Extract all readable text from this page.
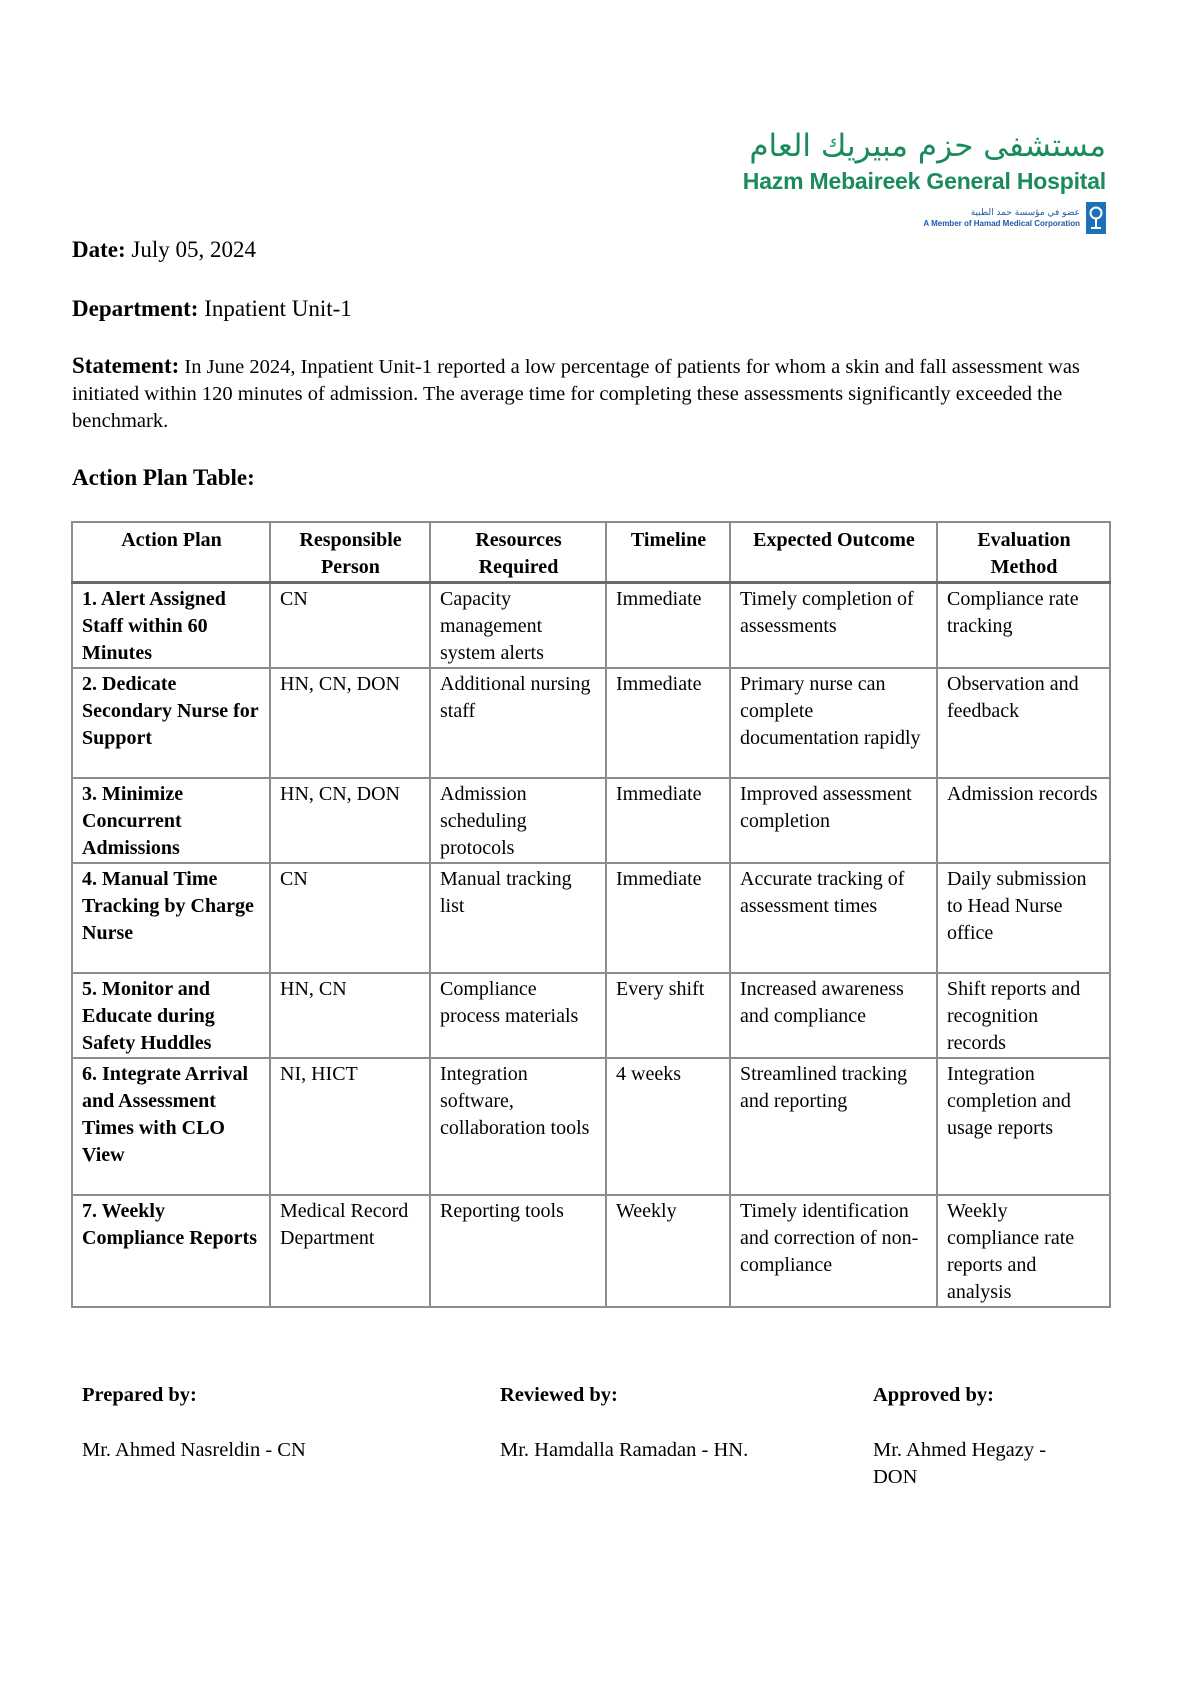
مستشفى حزم مبيريك العام
Hazm Mebaireek General Hospital
عضو في مؤسسة حمد الطبية
A Member of Hamad Medical Corporation
Date: July 05, 2024
Department: Inpatient Unit-1
Statement: In June 2024, Inpatient Unit-1 reported a low percentage of patients for whom a skin and fall assessment was initiated within 120 minutes of admission. The average time for completing these assessments significantly exceeded the benchmark.
Action Plan Table:
Action Plan	Responsible Person	Resources Required	Timeline	Expected Outcome	Evaluation Method
1. Alert Assigned Staff within 60 Minutes	CN	Capacity management system alerts	Immediate	Timely completion of assessments	Compliance rate tracking
2. Dedicate Secondary Nurse for Support	HN, CN, DON	Additional nursing staff	Immediate	Primary nurse can complete documentation rapidly	Observation and feedback
3. Minimize Concurrent Admissions	HN, CN, DON	Admission scheduling protocols	Immediate	Improved assessment completion	Admission records
4. Manual Time Tracking by Charge Nurse	CN	Manual tracking list	Immediate	Accurate tracking of assessment times	Daily submission to Head Nurse office
5. Monitor and Educate during Safety Huddles	HN, CN	Compliance process materials	Every shift	Increased awareness and compliance	Shift reports and recognition records
6. Integrate Arrival and Assessment Times with CLO View	NI, HICT	Integration software, collaboration tools	4 weeks	Streamlined tracking and reporting	Integration completion and usage reports
7. Weekly Compliance Reports	Medical Record Department	Reporting tools	Weekly	Timely identification and correction of non-compliance	Weekly compliance rate reports and analysis
Prepared by:
Mr. Ahmed Nasreldin - CN
Reviewed by:
Mr. Hamdalla Ramadan - HN.
Approved by:
Mr. Ahmed Hegazy - DON
